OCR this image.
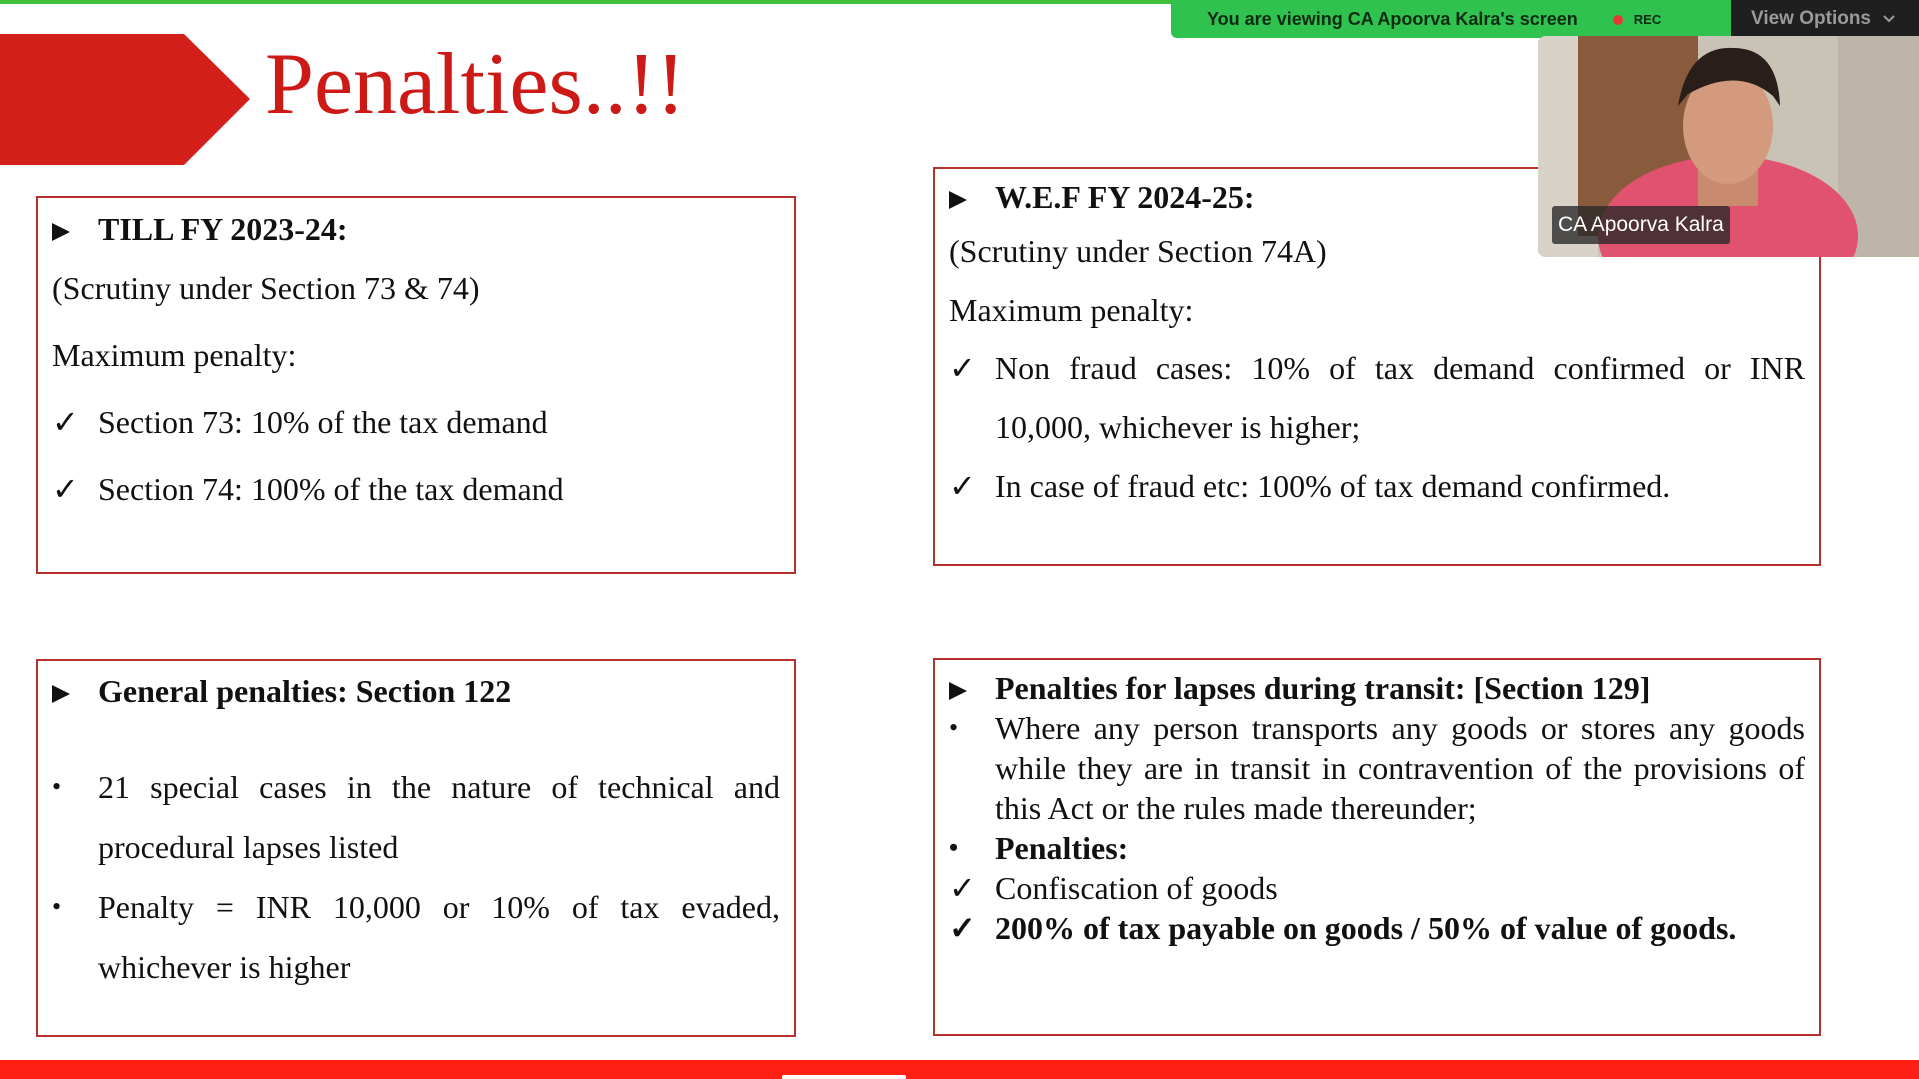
Penalties..!!
TILL FY 2023-24:
(Scrutiny under Section 73 & 74)
Maximum penalty:
✓ Section 73: 10% of the tax demand
✓ Section 74: 100% of the tax demand
W.E.F FY 2024-25:
(Scrutiny under Section 74A)
Maximum penalty:
✓ Non fraud cases: 10% of tax demand confirmed or INR 10,000, whichever is higher;
✓ In case of fraud etc: 100% of tax demand confirmed.
General penalties: Section 122
•	21 special cases in the nature of technical and procedural lapses listed
•	Penalty = INR 10,000 or 10% of tax evaded, whichever is higher
Penalties for lapses during transit: [Section 129]
•	Where any person transports any goods or stores any goods while they are in transit in contravention of the provisions of this Act or the rules made thereunder;
•	Penalties:
✓ Confiscation of goods
✓ 200% of tax payable on goods / 50% of value of goods.
You are viewing CA Apoorva Kalra's screen	REC	View Options
CA Apoorva Kalra
